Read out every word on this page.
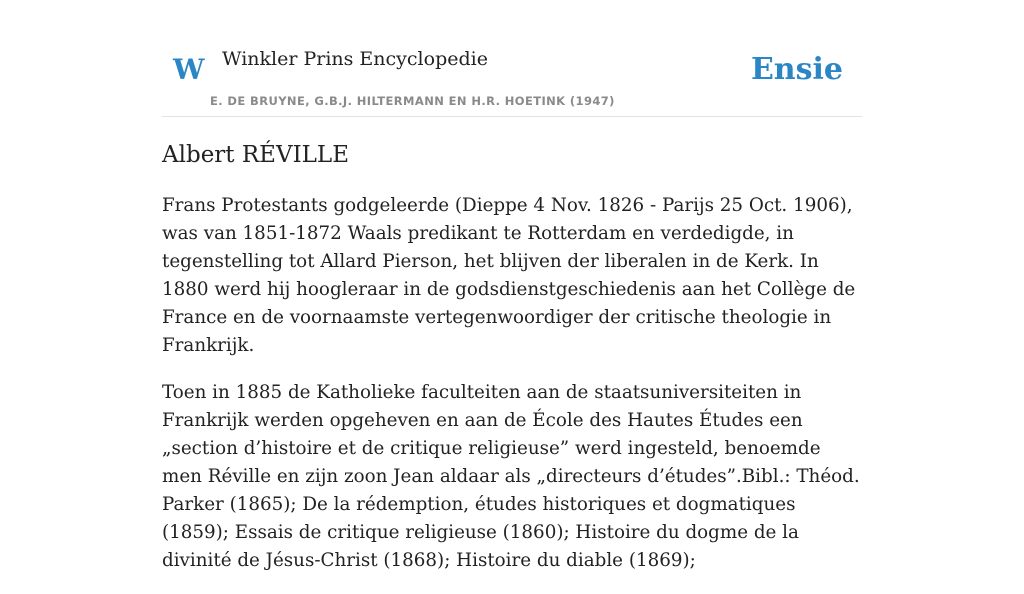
W Winkler Prins Encyclopedie
E. DE BRUYNE, G.B.J. HILTERMANN EN H.R. HOETINK (1947)
Ensie
Albert RÉVILLE

Frans Protestants godgeleerde (Dieppe 4 Nov. 1826 - Parijs 25 Oct. 1906), was van 1851-1872 Waals predikant te Rotterdam en verdedigde, in tegenstelling tot Allard Pierson, het blijven der liberalen in de Kerk. In 1880 werd hij hoogleraar in de godsdienstgeschiedenis aan het Collège de France en de voornaamste vertegenwoordiger der critische theologie in Frankrijk.

Toen in 1885 de Katholieke faculteiten aan de staatsuniversiteiten in Frankrijk werden opgeheven en aan de École des Hautes Études een „section d’histoire et de critique religieuse” werd ingesteld, benoemde men Réville en zijn zoon Jean aldaar als „directeurs d’études”.Bibl.: Théod. Parker (1865); De la rédemption, études historiques et dogmatiques (1859); Essais de critique religieuse (1860); Histoire du dogme de la divinité de Jésus-Christ (1868); Histoire du diable (1869);
